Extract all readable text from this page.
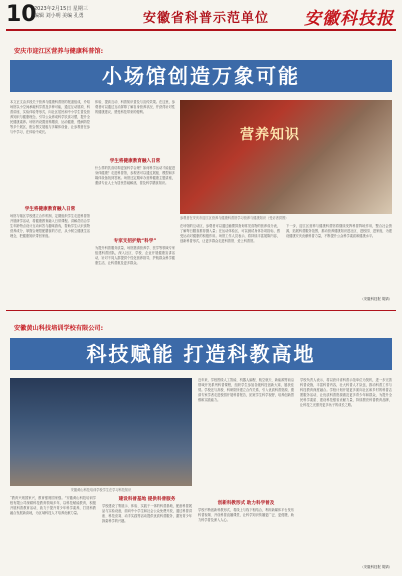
10
2023年2月15日 星期三
编辑 刘小明 美编 孔勇	安徽省科普示范单位 安徽科技报
安庆市迎江区营养与健康科普馆:
小场馆创造万象可能
本文正文由多段关于营养与健康科普馆的报道组成，介绍场馆以小空间承载科学普及多种可能，通过互动展项、科普讲座、实验体验等形式，向社区居民和中小学生普及营养知识与健康理念，引导公众养成科学饮食习惯，提升全民健康素养。场馆内设置营养膳食、运动健康、慢病防控等多个展区，配合图文展板与多媒体设备，让参观者在参与中学习，在体验中成长。
学生将健康教育融入日常
场馆与辖区学校建立合作机制，定期组织学生走进科普馆开展研学活动，将健康教育融入日常课程。讲解员结合学生年龄特点设计互动问答与趣味游戏，帮助学生认识食物营养成分，掌握合理搭配膳食的方法，从小树立健康生活理念，把健康知识带回家庭。
体验、提高互动、科普知识普及与宣传效果。在这里，参观者可以通过互动屏幕了解自身营养状况，并获得针对性的健康建议，感受科技带来的便利。
学生将健康教育融入日常
什么样的饮食结构更加科学合理？如何科学运动才能促进身体健康？走进科普馆，参观者可以通过展板、模型和多媒体设备找到答案。场馆还定期举办营养健康主题讲座，邀请专业人士为居民答疑解惑，普及科学膳食知识。
专家支招护航“科学”
为提升科普服务质量，场馆邀请营养学、医学等领域专家组建科普团队，深入社区、学校、企业开展健康宣讲活动，针对不同人群提供个性化营养指导，护航群众科学健康生活，让科普惠及更多群众。
营养知识
参观者在安庆市迎江区营养与健康科普馆学习营养与健康知识（受访者供图）
在场馆的互动区，参观者可以通过触摸屏查询常见食物的营养成分表，了解每日膳食推荐摄入量；在运动体验区，可以测试身体各项指标，感受运动对健康的积极作用。场馆工作人员表示，将持续丰富展陈内容，创新科普形式，让更多群众走进科普馆、爱上科普馆。
下一步，迎江区营养与健康科普馆将继续发挥科普阵地作用，整合社会资源，拓展科普服务范围，推动营养健康知识进社区、进校园、进家庭，为建设健康安庆贡献科普力量，不断提升公众科学素质和健康水平。
（安徽科技报 胡婧）
安徽黄山科技培训学校有限公司:
科技赋能 打造科教高地
安徽黄山科技培训学校学生在学习科技知识
“教育兴则国家兴，教育强则国家强。”安徽黄山科技培训学校有限公司深耕科技教育领域多年，以科技赋能教育，积极开展科普教育活动，致力于提升青少年科学素养，打造科教融合发展新高地，为区域科技人才培养贡献力量。
建设科普基地 提供科普服务
学校建设了集展示、体验、实践于一体的科普基地，配备科普展品与实验设备，面向中小学生和社会公众免费开放，通过科普讲座、科技竞赛、动手实践等活动提供优质科普服务，激发青少年探索科学的兴趣。
近年来，学校围绕人工智能、机器人编程、航空航天、新能源等前沿领域开发系列科普课程，组织学生参加各级科技创新大赛，屡获佳绩。学校还与高校、科研院所建立合作关系，引入优质科普资源，邀请专家学者走进校园开展科普报告，拓宽学生科学视野，培养创新思维和实践能力。
创新科教形式 助力科学普及
学校不断创新科教形式，将线上与线下相结合，利用新媒体平台发布科普视频、开设科普直播课堂，让科学知识传播更广泛、更便捷，助力科学普及深入人心。
学校负责人表示，将以获评省科普示范单位为契机，进一步完善科普设施，丰富科普内容，壮大科普人才队伍，推动科普工作与科技教育深度融合。学校计划开展更多面向社区和乡村的科普志愿服务活动，让优质科普资源惠及更多青少年和群众，为提升全民科学素质、建设科技强省贡献力量，持续擦亮科普教育品牌，让科技之光照亮更多孩子的成长之路。
（安徽科技报 胡婧）
